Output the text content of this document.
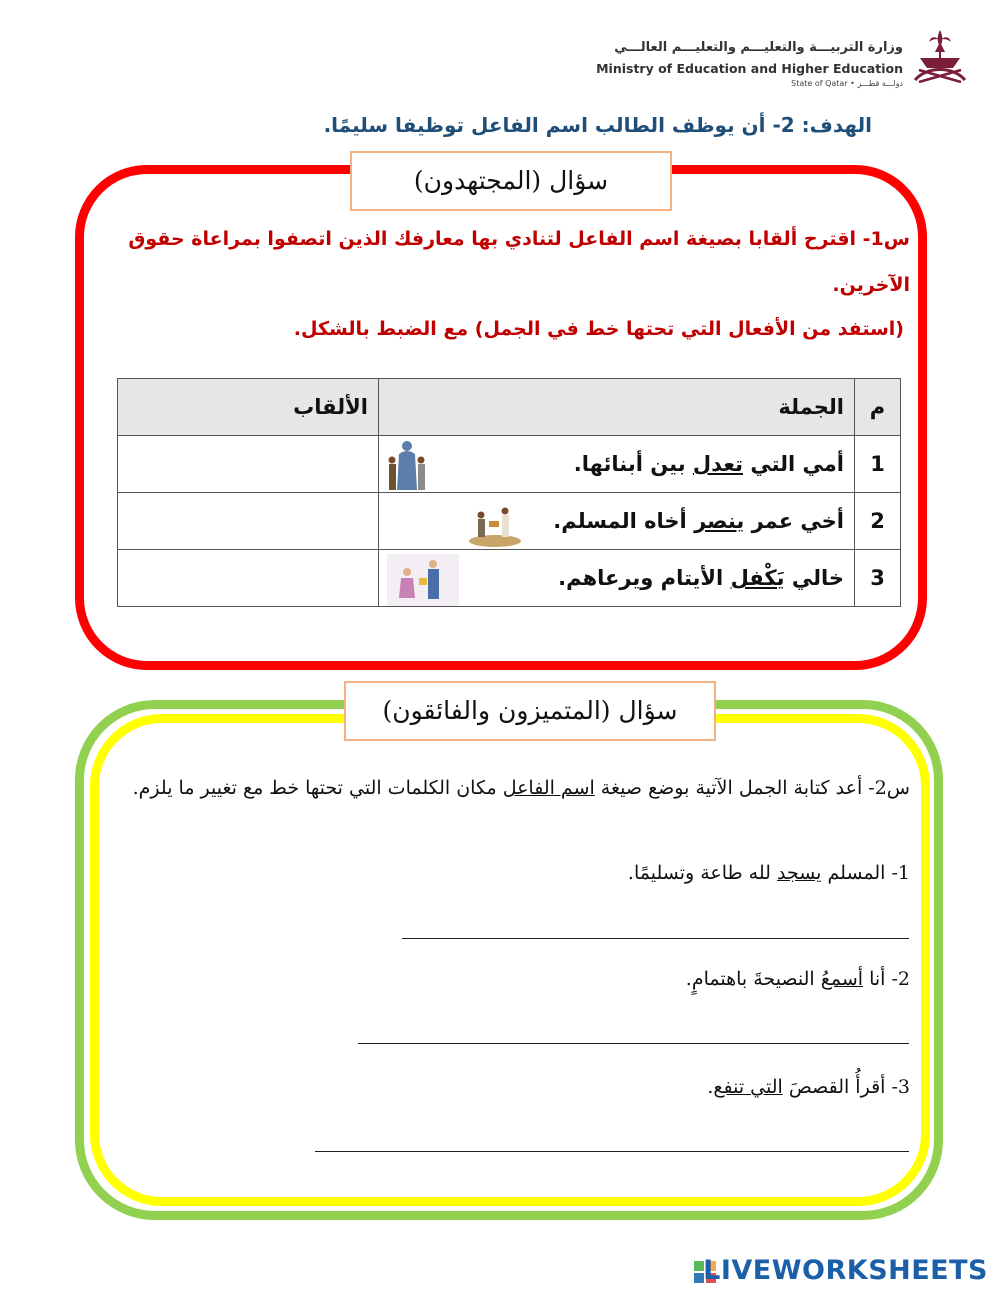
وزارة التربيـــة والتعليـــم والتعليـــم العالـــي
Ministry of Education and Higher Education
State of Qatar • دولـــة قطـــر
الهدف: 2- أن يوظف الطالب اسم الفاعل توظيفا سليمًا.
سؤال (المجتهدون)
س1- اقترح ألقابا بصيغة اسم الفاعل لتنادي بها معارفك الذين اتصفوا بمراعاة حقوق الآخرين.
(استفد من الأفعال التي تحتها خط في الجمل) مع الضبط بالشكل.
م	الجملة	الألقاب
1	أمي التي تعدل بين أبنائها.

2	أخي عمر ينصر أخاه المسلم.

3	خالي يَكْفل الأيتام ويرعاهم.

سؤال (المتميزون والفائقون)
س2- أعد كتابة الجمل الآتية بوضع صيغة اسم الفاعل مكان الكلمات التي تحتها خط مع تغيير ما يلزم.
1- المسلم يسجد لله طاعة وتسليمًا.
2- أنا أسمعُ النصيحةَ باهتمامٍ.
3- أقرأُ القصصَ التي تنفع.
LIVEWORKSHEETS
